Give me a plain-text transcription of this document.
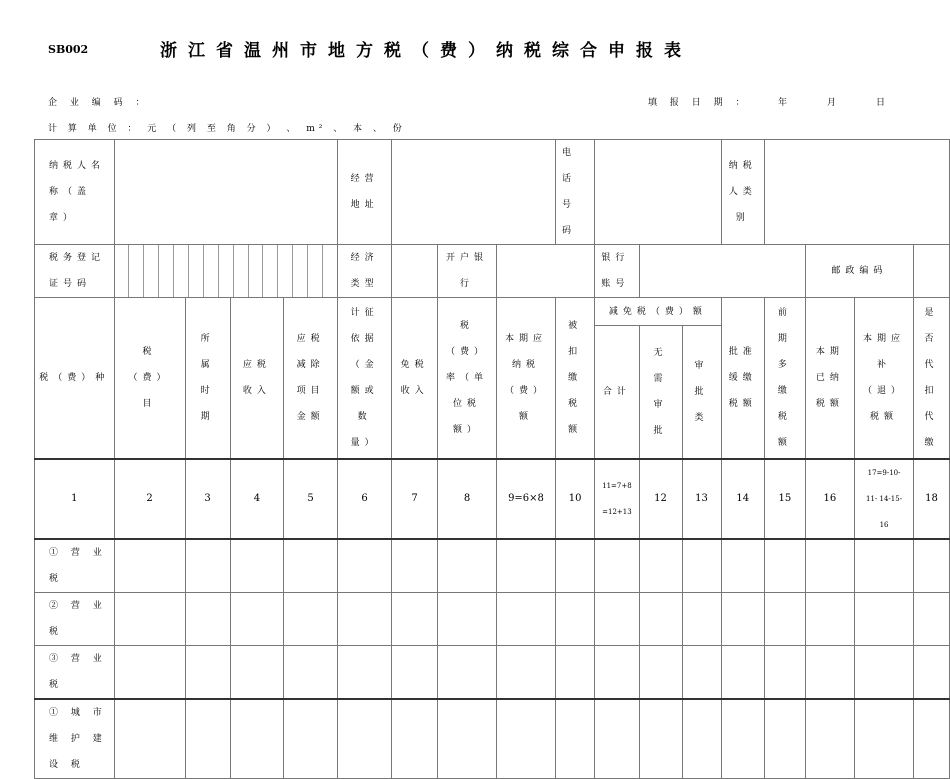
SB002	浙江省温州市地方税（费）纳税综合申报表
企 业 编 码 ：	填 报 日 期 ：	年	月	日
计 算 单 位 ： 元 （ 列 至 角 分 ） 、 m² 、 本 、 份
纳税人名称（盖章）					经营地址				电话号码				纳税人类别				
税务登记证号码					经济类型		开户银行			银行账号					邮政编码		
税（费）种	税（费）目	所属时期	应税收入	应税减除项目金额	计征依据（金额或数量）	免税收入	税（费）率（单位税额）	本期应纳税（费）额	被扣缴税额	减免税（费）额			批准缓缴税额	前期多缴税额	本期已纳税额	本期应补（退）税额	是否代扣代缴
										合计	无需审批	审批类					
1	2	3	4	5	6	7	8	9=6×8	10	11=7+8 =12+13	12	13	14	15	16	17=9-10-11- 14-15-16	18
① 营 业 税																	
② 营 业 税																	
③ 营 业 税																	
① 城 市 维 护 建 设 税																	
